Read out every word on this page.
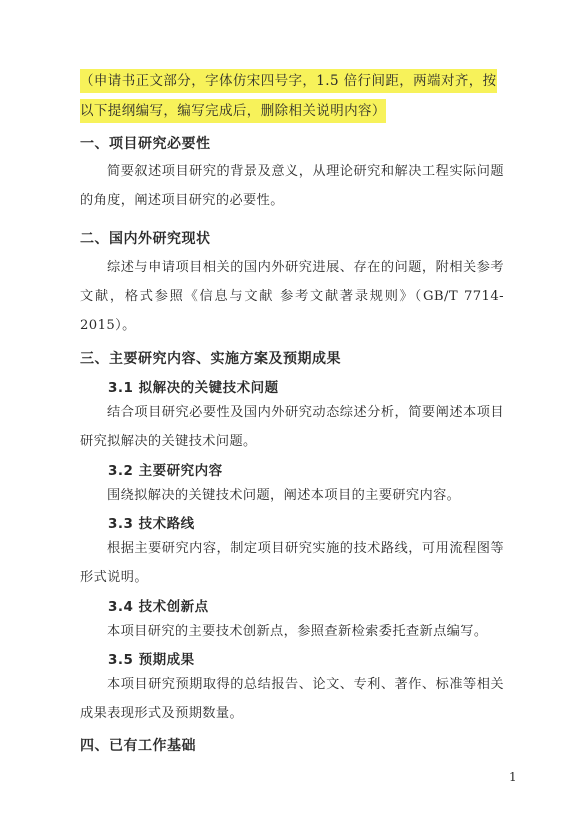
（申请书正文部分，字体仿宋四号字，1.5 倍行间距，两端对齐，按以下提纲编写，编写完成后，删除相关说明内容）
一、项目研究必要性
简要叙述项目研究的背景及意义，从理论研究和解决工程实际问题的角度，阐述项目研究的必要性。
二、国内外研究现状
综述与申请项目相关的国内外研究进展、存在的问题，附相关参考文献，格式参照《信息与文献 参考文献著录规则》（GB/T 7714-2015）。
三、主要研究内容、实施方案及预期成果
3.1 拟解决的关键技术问题
结合项目研究必要性及国内外研究动态综述分析，简要阐述本项目研究拟解决的关键技术问题。
3.2 主要研究内容
围绕拟解决的关键技术问题，阐述本项目的主要研究内容。
3.3 技术路线
根据主要研究内容，制定项目研究实施的技术路线，可用流程图等形式说明。
3.4 技术创新点
本项目研究的主要技术创新点，参照查新检索委托查新点编写。
3.5 预期成果
本项目研究预期取得的总结报告、论文、专利、著作、标准等相关成果表现形式及预期数量。
四、已有工作基础
1
